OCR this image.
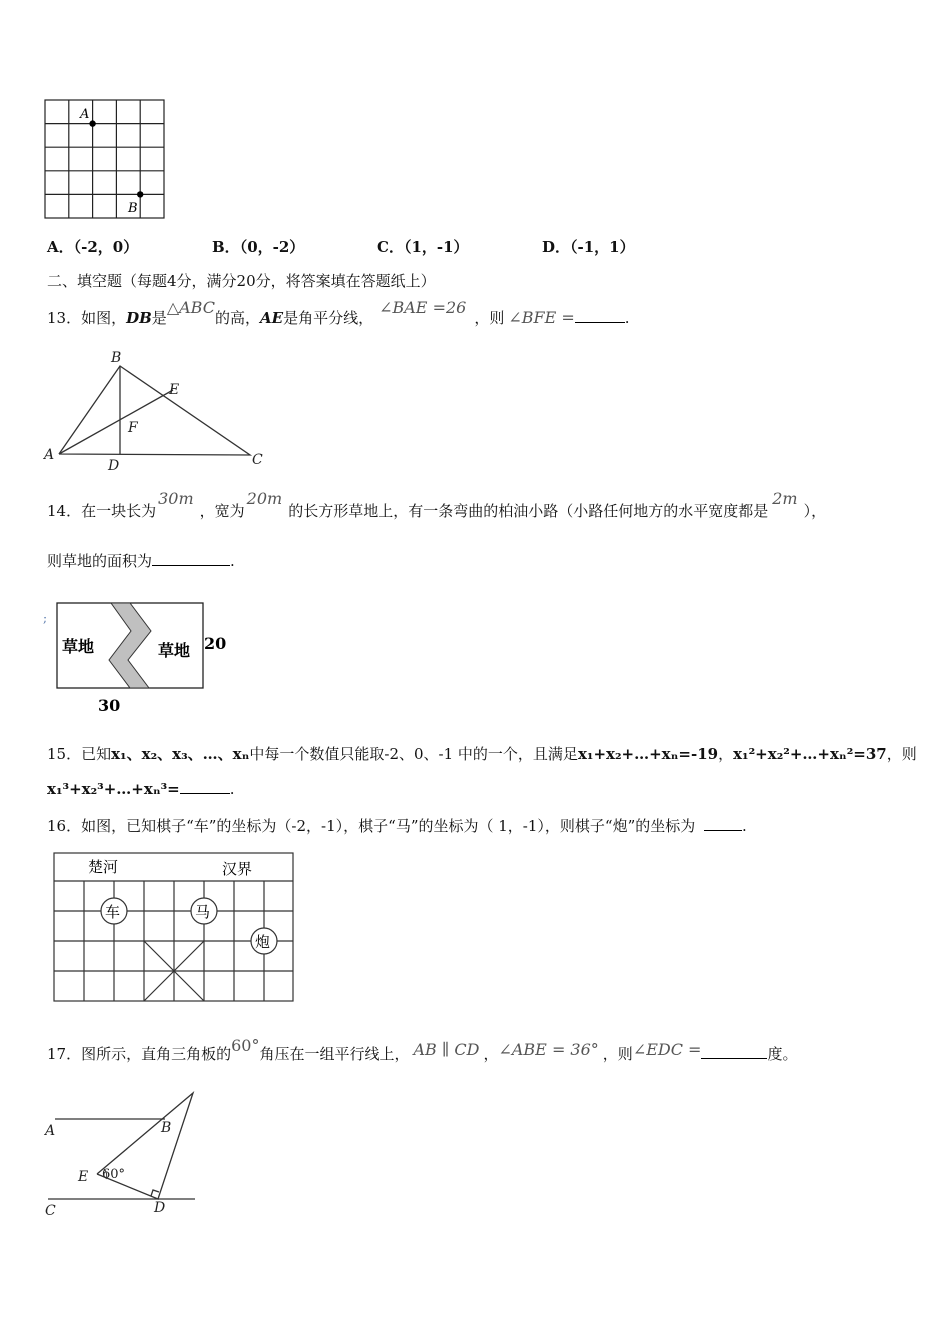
A
B
A．（-2，0）	B．（0，-2）	C．（1，-1）	D．（-1，1）
二、填空题（每题4分，满分20分，将答案填在答题纸上）
13．如图，DB是△ABC的高，AE是角平分线，∠BAE =26，则 ∠BFE =	.
B
E
F
A
D	C
14．在一块长为30m，宽为20m的长方形草地上，有一条弯曲的柏油小路（小路任何地方的水平宽度都是2m），
则草地的面积为	.
草地	草地 20
30
;
15．已知x₁、x₂、x₃、…、xₙ中每一个数值只能取-2、0、-1 中的一个，且满足x₁+x₂+…+xₙ=-19，x₁²+x₂²+…+xₙ²=37，则
x₁³+x₂³+…+xₙ³=	.
16．如图，已知棋子“车”的坐标为（-2，-1），棋子“马”的坐标为（ 1，-1），则棋子“炮”的坐标为	.
楚河	汉界
车	马
炮
17．图所示，直角三角板的60°角压在一组平行线上， AB ∥ CD ，∠ABE = 36° ，则∠EDC =	度。
A	B
E
C	D
60°
